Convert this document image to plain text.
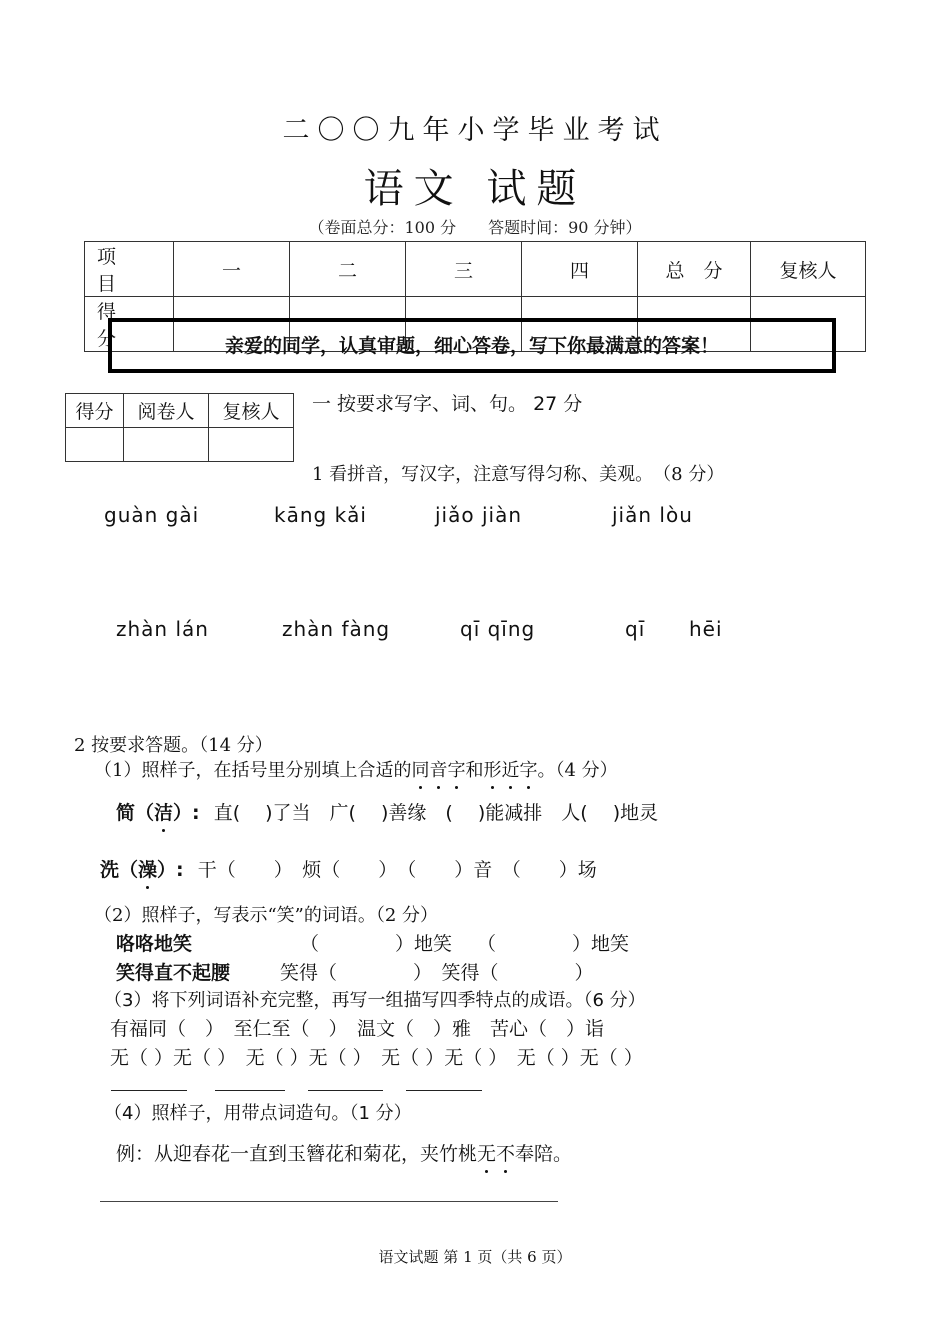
二〇〇九年小学毕业考试
语文 试题
（卷面总分：100 分　　答题时间：90 分钟）
项　目	一	二	三	四	总　分	复核人
得　分							亲爱的同学，认真审题，细心答卷，写下你最满意的答案！
得分	阅卷人	复核人
		一 按要求写字、词、句。 27 分
1 看拼音，写汉字，注意写得匀称、美观。　（8 分）
guàn gài	kāng kǎi	jiǎo jiàn	jiǎn lòu
zhàn lán	zhàn fàng	qī qīng	qī hēi
2 按要求答题。（14 分）
（1）照样子，在括号里分别填上合适的同音字和形近字。（4 分）
简（洁）: 直(　 )了当　广(　 )善缘　(　 )能减排　人(　 )地灵
洗（澡）: 干（　　）　烦（　　）　（　　）音　（　　）场
（2）照样子，写表示“笑”的词语。（2 分）
咯咯地笑	（　　　　）地笑　 （　　　　）地笑
笑得直不起腰	笑得（　　　　）　笑得（　　　　）
（3）将下列词语补充完整，再写一组描写四季特点的成语。（6 分）
有福同（　）　至仁至（　）　温文（　）雅　苦心（　）诣
无（ ）无（ ）　无（ ）无（ ）　无（ ）无（ ）　无（ ）无（ ）
（4）照样子，用带点词造句。（1 分）
例：从迎春花一直到玉簪花和菊花，夹竹桃无不奉陪。
语文试题 第 1 页（共 6 页）
